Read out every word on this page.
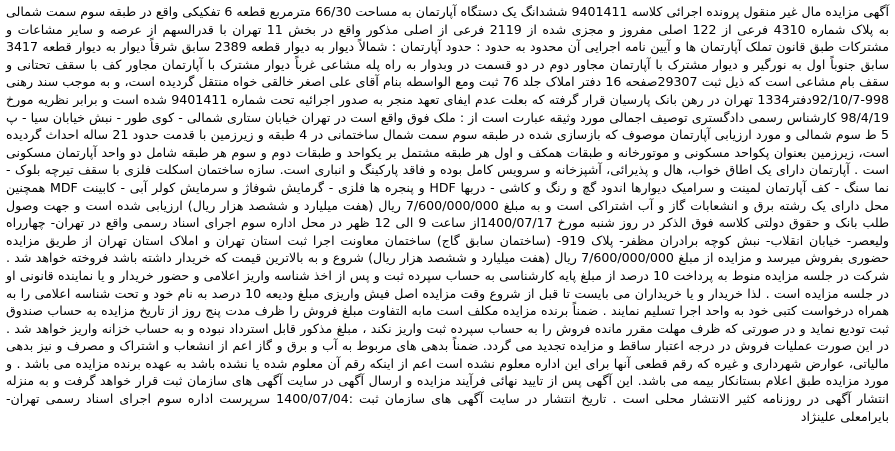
آگهی مزایده مال غیر منقول پرونده اجرائی کلاسه 9401411 ششدانگ یک دستگاه آپارتمان به مساحت 66/30 مترمربع قطعه 6 تفکیکی واقع در طبقه سوم سمت شمالی به پلاک شماره 4310 فرعی از 122 اصلی مفروز و مجزی شده از 2119 فرعی از اصلی مذکور واقع در بخش 11 تهران با قدرالسهم از عرصه و سایر مشاعات و مشترکات طبق قانون تملک آپارتمان ها و آیین نامه اجرایی آن محدود به حدود : حدود آپارتمان : شمالاً دیوار به دیوار قطعه 2389 سابق شرقاً دیوار به دیوار قطعه 3417 سابق جنوباً اول به نورگیر و دیوار مشترک با آپارتمان مجاور دوم در دو قسمت در وبدوار به راه پله مشاعی غرباً دیوار مشترک با آپارتمان مجاور کف با سقف تحتانی و سقف بام مشاعی است که ذیل ثبت 29307صفحه 16 دفتر املاک جلد 76 ثبت ومع الواسطه بنام آقای علی اصغر خالقی خواه منتقل گردیده است، و به موجب سند رهنی 998-92/10/7دفتر1334 تهران در رهن بانک پارسیان قرار گرفته که بعلت عدم ایفای تعهد منجر به صدور اجرائیه تحت شماره 9401411 شده است و برابر نظریه مورخ 98/4/19 کارشناس رسمی دادگستری توصیف اجمالی مورد وثیقه عبارت است از : ملک فوق واقع است در تهران خیابان ستاری شمالی - کوی طور - نبش خیابان سیا - پ 5 ط سوم شمالی و مورد ارزیابی آپارتمان موصوف که بازسازی شده در طبقه سوم سمت شمال ساختمانی در 4 طبقه و زیرزمین با قدمت حدود 21 ساله احداث گردیده است، زیرزمین بعنوان پکواحد مسکونی و موتورخانه و طبقات همکف و اول هر طبقه مشتمل بر یکواحد و طبقات دوم و سوم هر طبقه شامل دو واحد آپارتمان مسکونی است . آپارتمان دارای یک اطاق خواب، هال و پذیرائی، آشپزخانه و سرویس کامل بوده و فاقد پارکینگ و انباری است. سازه ساختمان اسکلت فلزی با سقف تیرچه بلوک - نما سنگ - کف آپارتمان لمینت و سرامیک دیوارها اندود گچ و رنگ و کاشی - دربها HDF و پنجره ها فلزی - گرمایش شوفاژ و سرمایش کولر آبی - کابینت MDF همچنین محل دارای یک رشته برق و انشعابات گاز و آب اشتراکی است و به مبلغ 7/600/000/000 ریال (هفت میلیارد و ششصد هزار ریال) ارزیابی شده است و جهت وصول طلب بانک و حقوق دولتی کلاسه فوق الذکر در روز شنبه مورخ 1400/07/17از ساعت 9 الی 12 ظهر در محل اداره سوم اجرای اسناد رسمی واقع در تهران- چهارراه ولیعصر- خیابان انقلاب- نبش کوچه برادران مظفر- پلاک 919- (ساختمان سابق گاج) ساختمان معاونت اجرا ثبت استان تهران و املاک استان تهران از طریق مزایده حضوری بفروش میرسد و مزایده از مبلغ 7/600/000/000 ریال (هفت میلیارد و ششصد هزار ریال) شروع و به بالاترین قیمت که خریدار داشته باشد فروخته خواهد شد . شرکت در جلسه مزایده منوط به پرداخت 10 درصد از مبلغ پایه کارشناسی به حساب سپرده ثبت و پس از اخذ شناسه واریز اعلامی و حضور خریدار و یا نماینده قانونی او در جلسه مزایده است . لذا خریدار و یا خریداران می بایست تا قبل از شروع وقت مزایده اصل فیش واریزی مبلغ ودیعه 10 درصد به نام خود و تحت شناسه اعلامی را به همراه درخواست کتبی خود به واحد اجرا تسلیم نمایند . ضمناً برنده مزایده مکلف است مابه التفاوت مبلغ فروش را ظرف مدت پنج روز از تاریخ مزایده به حساب صندوق ثبت تودیع نماید و در صورتی که ظرف مهلت مقرر مانده فروش را به حساب سپرده ثبت واریز نکند ، مبلغ مذکور قابل استرداد نبوده و به حساب خزانه واریز خواهد شد . در این صورت عملیات فروش در درجه اعتبار ساقط و مزایده تجدید می گردد. ضمناً بدهی های مربوط به آب و برق و گاز اعم از انشعاب و اشتراک و مصرف و نیز بدهی مالیاتی، عوارض شهرداری و غیره که رقم قطعی آنها برای این اداره معلوم نشده است اعم از اینکه رقم آن معلوم شده یا نشده باشد به عهده برنده مزایده می باشد . و مورد مزایده طبق اعلام بستانکار بیمه می باشد. این آگهی پس از تایید نهائی فرآیند مزایده و ارسال آگهی در سایت آگهی های سازمان ثبت قرار خواهد گرفت و به منزله انتشار آگهی در روزنامه کثیر الانتشار محلی است . تاریخ انتشار در سایت آگهی های سازمان ثبت :1400/07/04 سرپرست اداره سوم اجرای اسناد رسمی تهران- بایرامعلی علینژاد
